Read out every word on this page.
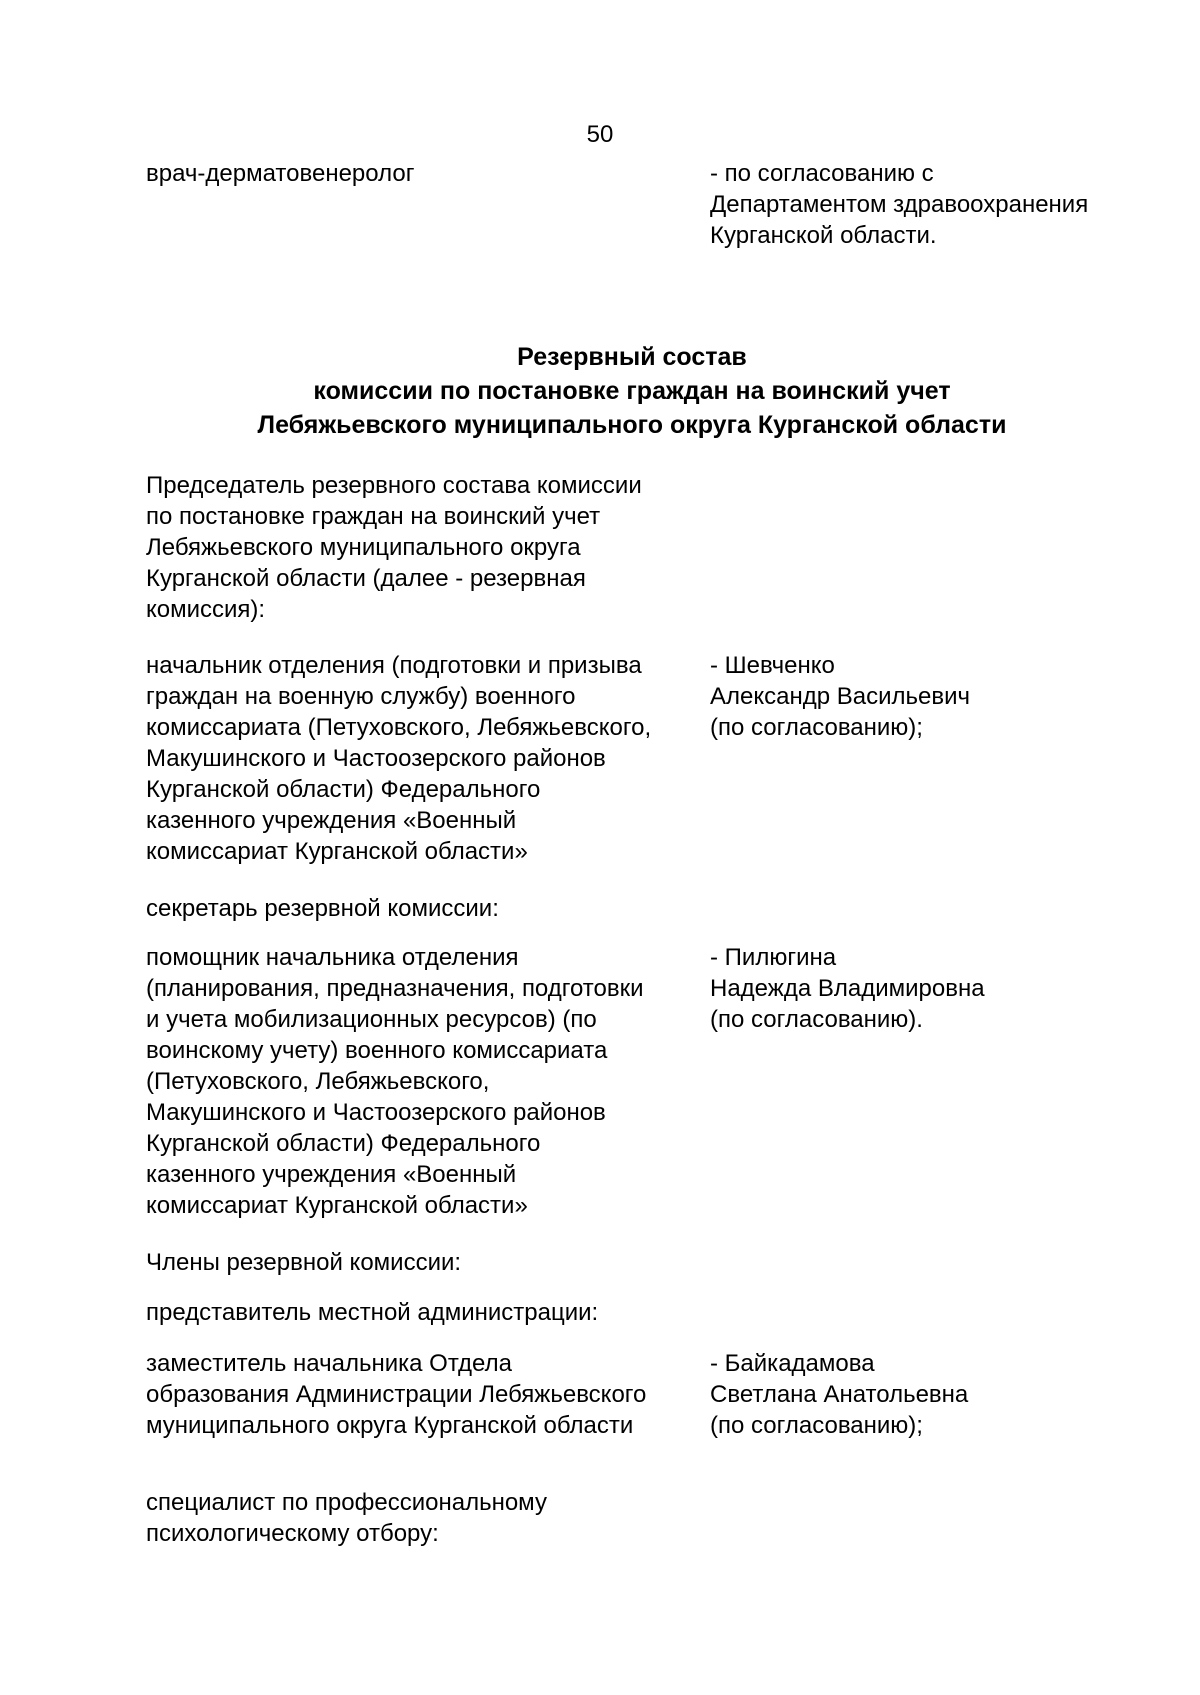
50
врач-дерматовенеролог	- по согласованию с
Департаментом здравоохранения
Курганской области.
Резервный состав
комиссии по постановке граждан на воинский учет
Лебяжьевского муниципального округа Курганской области
Председатель резервного состава комиссии
по постановке граждан на воинский учет
Лебяжьевского муниципального округа
Курганской области (далее - резервная
комиссия):
начальник отделения (подготовки и призыва
граждан на военную службу) военного
комиссариата (Петуховского, Лебяжьевского,
Макушинского и Частоозерского районов
Курганской области) Федерального
казенного учреждения «Военный
комиссариат Курганской области»
- Шевченко
Александр Васильевич
(по согласованию);
секретарь резервной комиссии:
помощник начальника отделения
(планирования, предназначения, подготовки
и учета мобилизационных ресурсов) (по
воинскому учету) военного комиссариата
(Петуховского, Лебяжьевского,
Макушинского и Частоозерского районов
Курганской области) Федерального
казенного учреждения «Военный
комиссариат Курганской области»
- Пилюгина
Надежда Владимировна
(по согласованию).
Члены резервной комиссии:
представитель местной администрации:
заместитель начальника Отдела
образования Администрации Лебяжьевского
муниципального округа Курганской области
- Байкадамова
Светлана Анатольевна
(по согласованию);
специалист по профессиональному
психологическому отбору:
